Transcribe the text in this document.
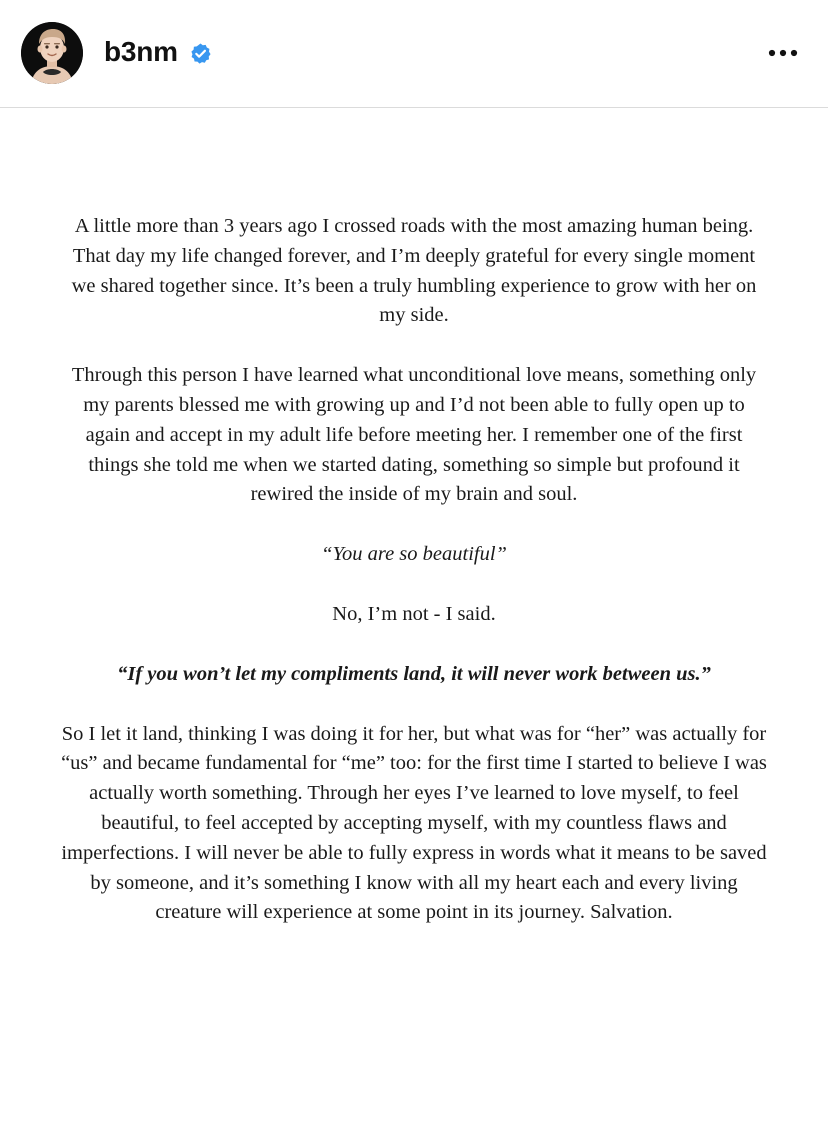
b3nm

A little more than 3 years ago I crossed roads with the most amazing human being. That day my life changed forever, and I’m deeply grateful for every single moment we shared together since. It’s been a truly humbling experience to grow with her on my side.

Through this person I have learned what unconditional love means, something only my parents blessed me with growing up and I’d not been able to fully open up to again and accept in my adult life before meeting her. I remember one of the first things she told me when we started dating, something so simple but profound it rewired the inside of my brain and soul.

“You are so beautiful”

No, I’m not - I said.

“If you won’t let my compliments land, it will never work between us.”

So I let it land, thinking I was doing it for her, but what was for “her” was actually for “us” and became fundamental for “me” too: for the first time I started to believe I was actually worth something. Through her eyes I’ve learned to love myself, to feel beautiful, to feel accepted by accepting myself, with my countless flaws and imperfections. I will never be able to fully express in words what it means to be saved by someone, and it’s something I know with all my heart each and every living creature will experience at some point in its journey. Salvation.
